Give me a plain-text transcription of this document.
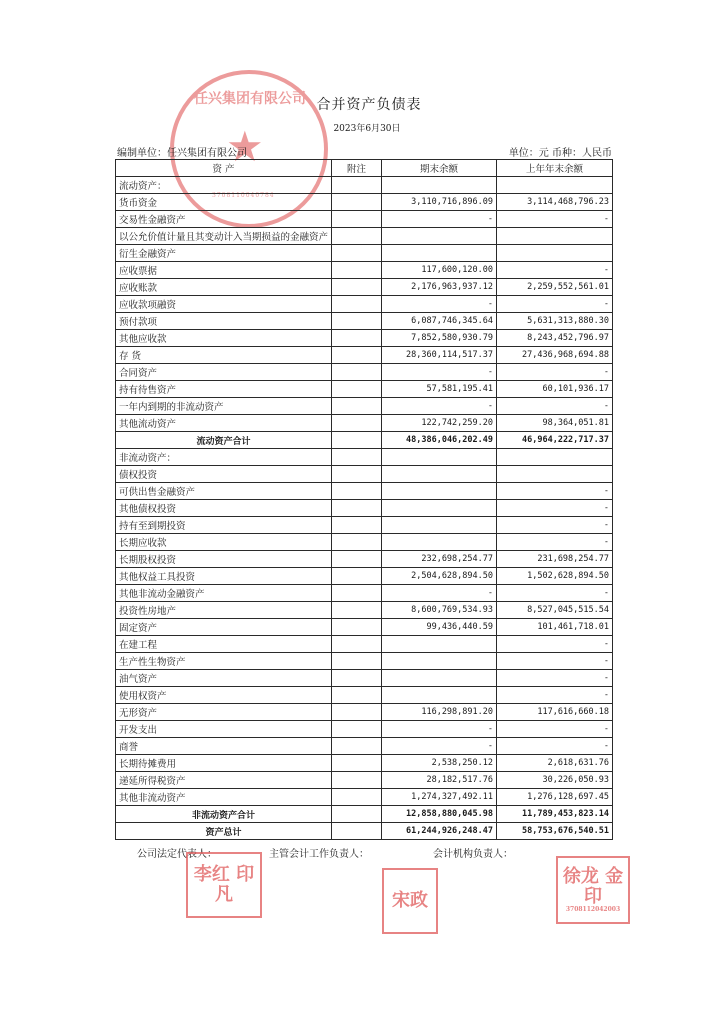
任兴集团有限公司
★
3708110040784
合并资产负债表
2023年6月30日
编制单位：任兴集团有限公司	单位：元 币种：人民币
资 产	附注	期末余额	上年年末余额
流动资产：			
货币资金		3,110,716,896.09	3,114,468,796.23
交易性金融资产		-	-
以公允价值计量且其变动计入当期损益的金融资产			
衍生金融资产			
应收票据		117,600,120.00	-
应收账款		2,176,963,937.12	2,259,552,561.01
应收款项融资		-	-
预付款项		6,087,746,345.64	5,631,313,880.30
其他应收款		7,852,580,930.79	8,243,452,796.97
存 货		28,360,114,517.37	27,436,968,694.88
合同资产		-	-
持有待售资产		57,581,195.41	60,101,936.17
一年内到期的非流动资产		-	-
其他流动资产		122,742,259.20	98,364,051.81
流动资产合计		48,386,046,202.49	46,964,222,717.37
非流动资产：			
债权投资			
可供出售金融资产			-
其他债权投资			-
持有至到期投资			-
长期应收款			-
长期股权投资		232,698,254.77	231,698,254.77
其他权益工具投资		2,504,628,894.50	1,502,628,894.50
其他非流动金融资产		-	-
投资性房地产		8,600,769,534.93	8,527,045,515.54
固定资产		99,436,440.59	101,461,718.01
在建工程			-
生产性生物资产			-
油气资产			-
使用权资产			-
无形资产		116,298,891.20	117,616,660.18
开发支出		-	-
商誉		-	-
长期待摊费用		2,538,250.12	2,618,631.76
递延所得税资产		28,182,517.76	30,226,050.93
其他非流动资产		1,274,327,492.11	1,276,128,697.45
非流动资产合计		12,858,880,045.98	11,789,453,823.14
资产总计		61,244,926,248.47	58,753,676,540.51
公司法定代表人：	主管会计工作负责人：	会计机构负责人：
李红 印凡	宋政
徐龙 金印
3708112042003
